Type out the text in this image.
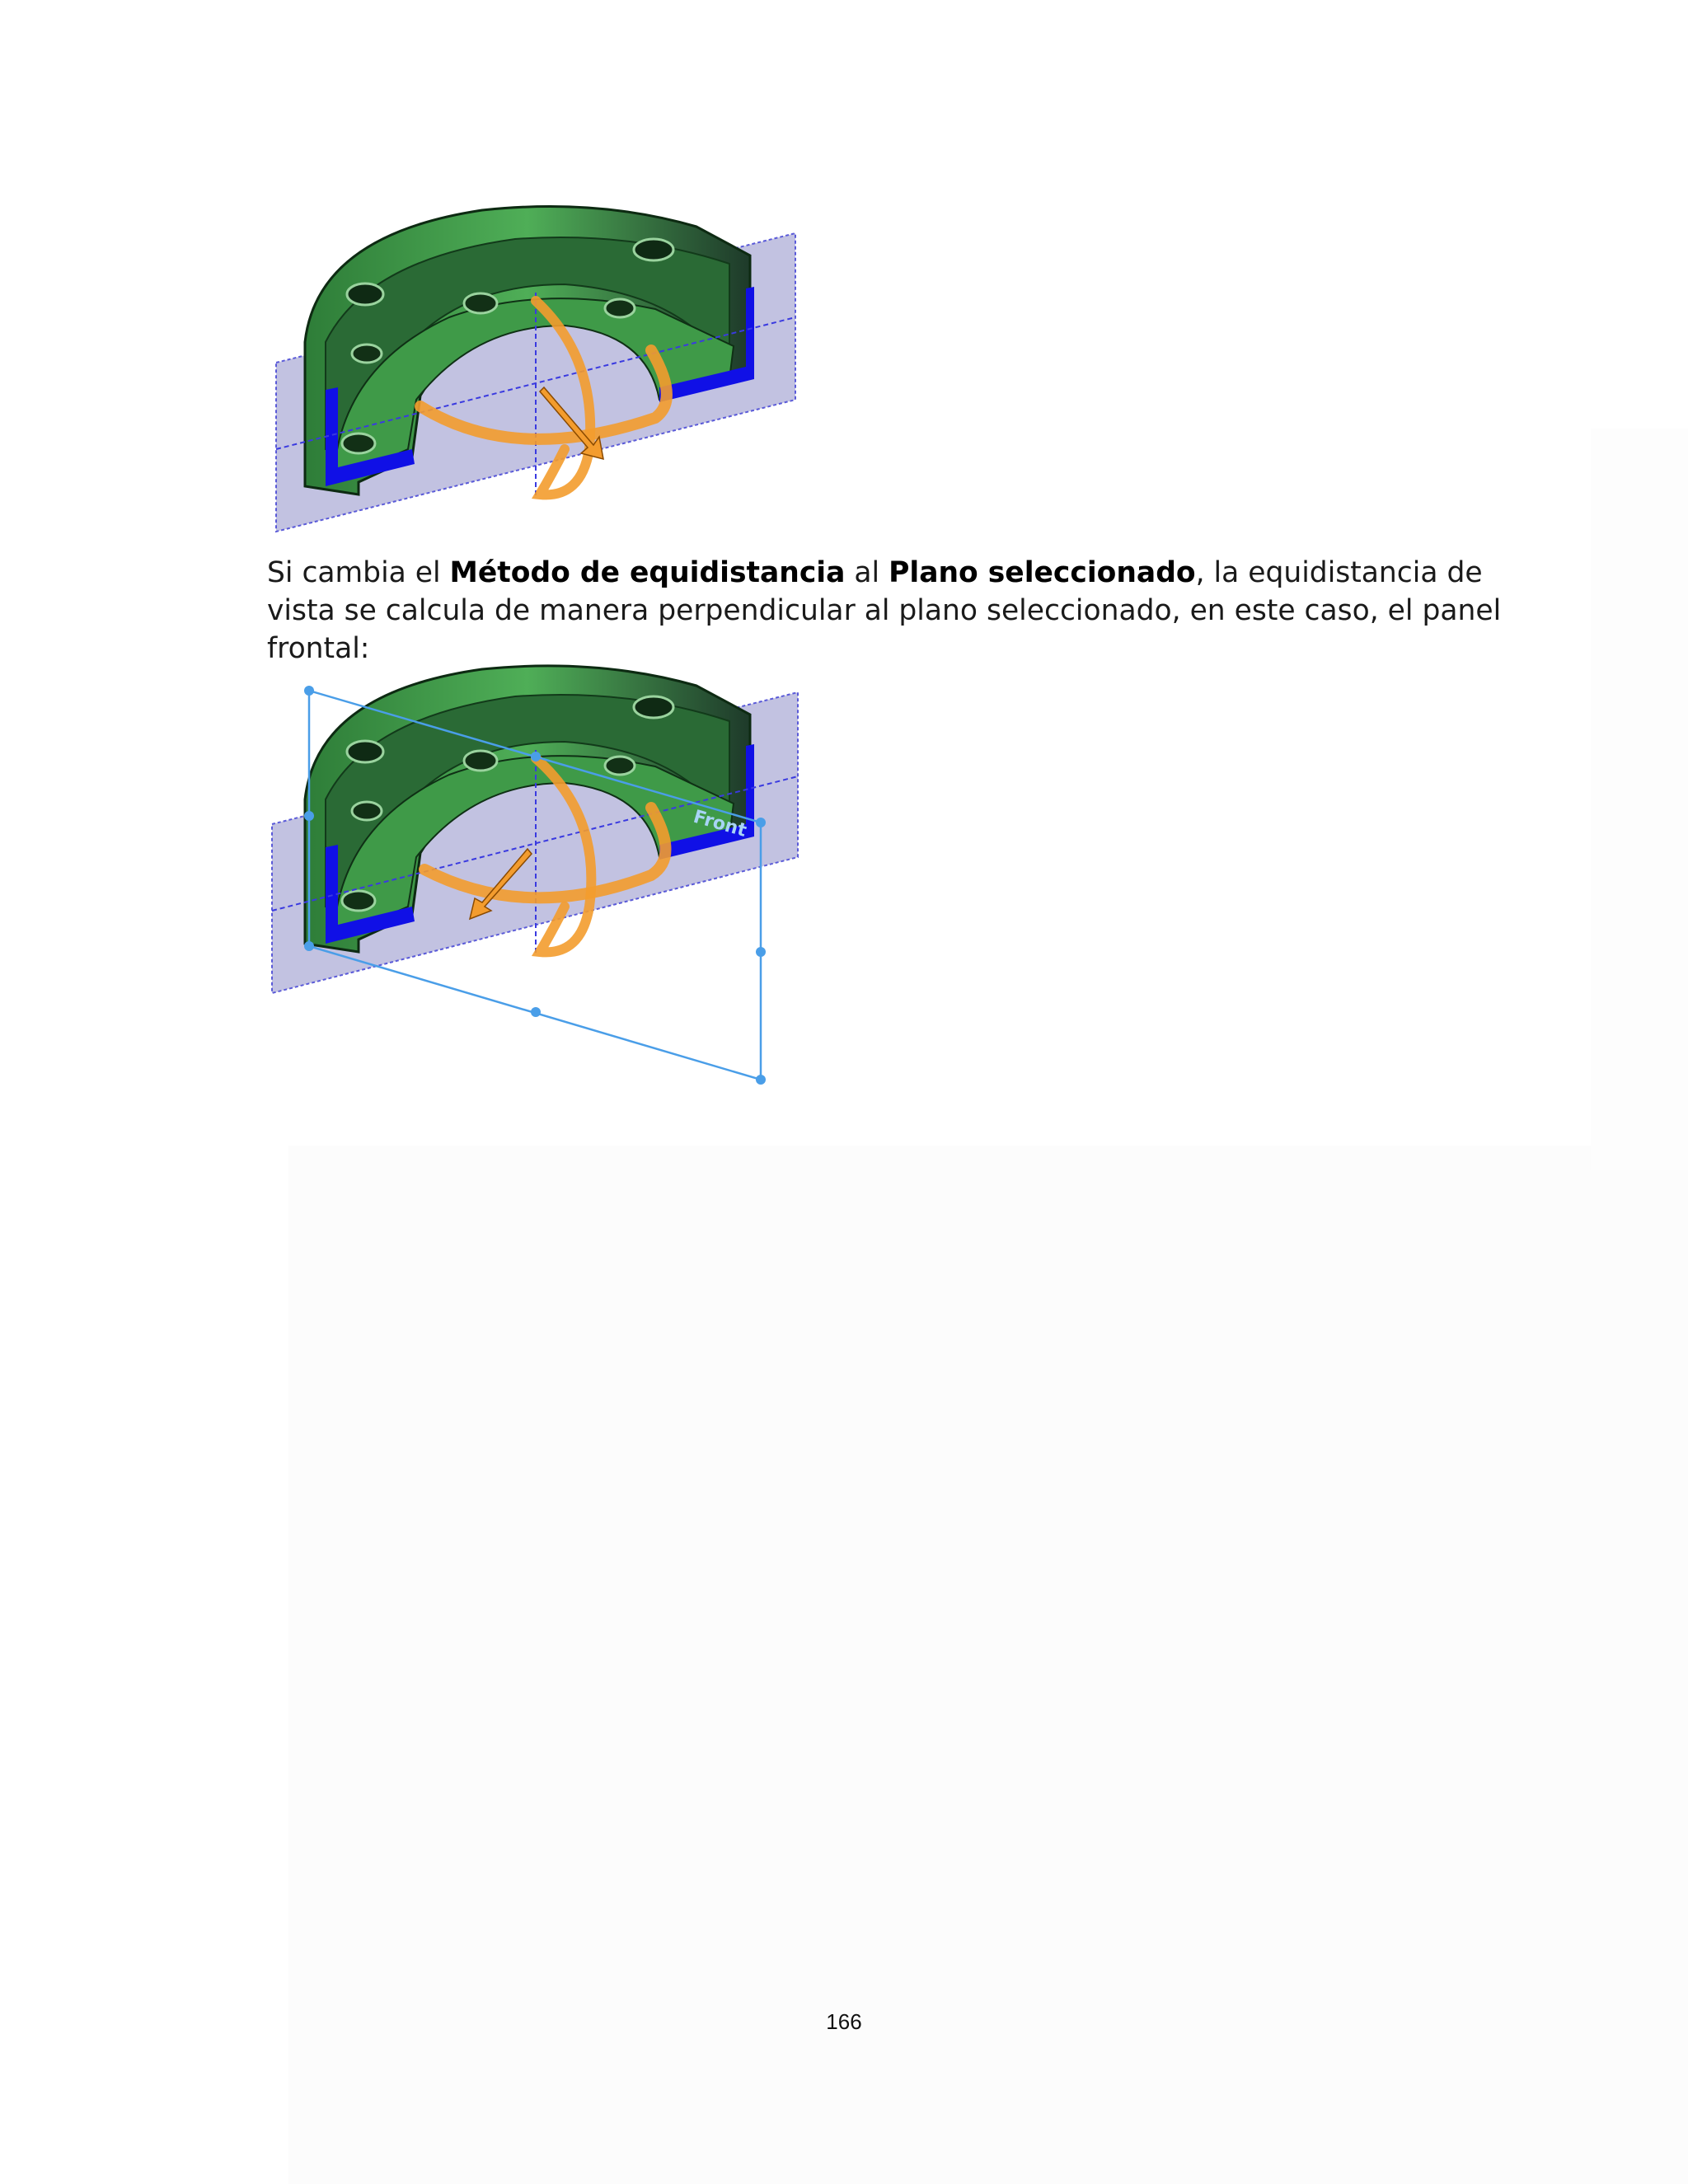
Si cambia el Método de equidistancia al Plano seleccionado, la equidistancia de vista se calcula de manera perpendicular al plano seleccionado, en este caso, el panel frontal:

Front
166
